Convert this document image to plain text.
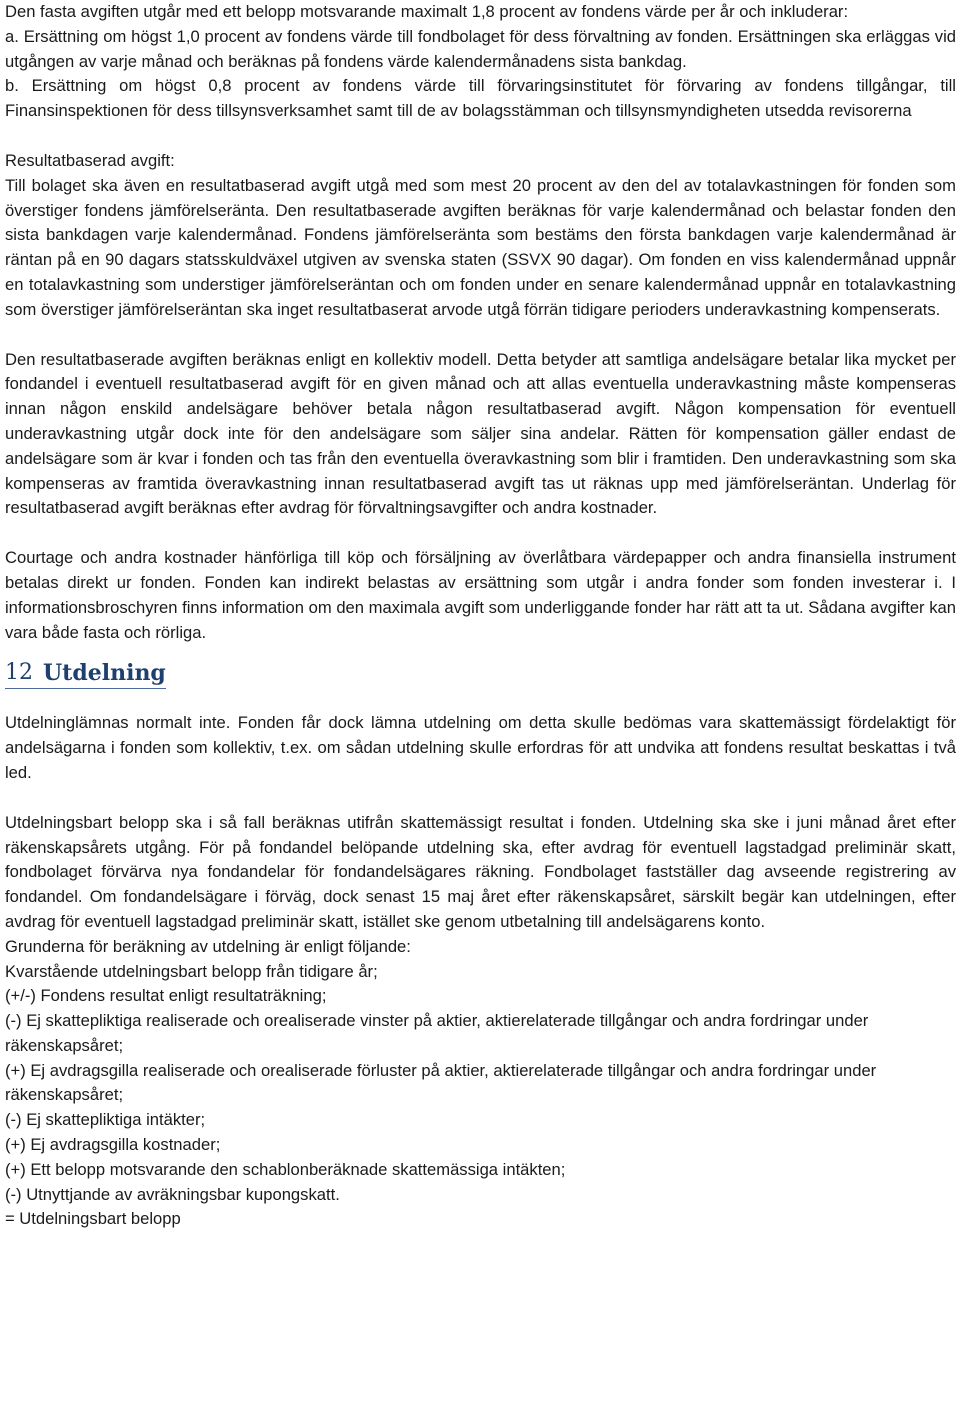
Den fasta avgiften utgår med ett belopp motsvarande maximalt 1,8 procent av fondens värde per år och inkluderar:

a. Ersättning om högst 1,0 procent av fondens värde till fondbolaget för dess förvaltning av fonden. Ersättningen ska erläggas vid utgången av varje månad och beräknas på fondens värde kalendermånadens sista bankdag.

b. Ersättning om högst 0,8 procent av fondens värde till förvaringsinstitutet för förvaring av fondens tillgångar, till Finansinspektionen för dess tillsynsverksamhet samt till de av bolagsstämman och tillsynsmyndigheten utsedda revisorerna

Resultatbaserad avgift:

Till bolaget ska även en resultatbaserad avgift utgå med som mest 20 procent av den del av totalavkastningen för fonden som överstiger fondens jämförelseränta. Den resultatbaserade avgiften beräknas för varje kalendermånad och belastar fonden den sista bankdagen varje kalendermånad. Fondens jämförelseränta som bestäms den första bankdagen varje kalendermånad är räntan på en 90 dagars statsskuldväxel utgiven av svenska staten (SSVX 90 dagar). Om fonden en viss kalendermånad uppnår en totalavkastning som understiger jämförelseräntan och om fonden under en senare kalendermånad uppnår en totalavkastning som överstiger jämförelseräntan ska inget resultatbaserat arvode utgå förrän tidigare perioders underavkastning kompenserats.

Den resultatbaserade avgiften beräknas enligt en kollektiv modell. Detta betyder att samtliga andelsägare betalar lika mycket per fondandel i eventuell resultatbaserad avgift för en given månad och att allas eventuella underavkastning måste kompenseras innan någon enskild andelsägare behöver betala någon resultatbaserad avgift. Någon kompensation för eventuell underavkastning utgår dock inte för den andelsägare som säljer sina andelar. Rätten för kompensation gäller endast de andelsägare som är kvar i fonden och tas från den eventuella överavkastning som blir i framtiden. Den underavkastning som ska kompenseras av framtida överavkastning innan resultatbaserad avgift tas ut räknas upp med jämförelseräntan. Underlag för resultatbaserad avgift beräknas efter avdrag för förvaltningsavgifter och andra kostnader.

Courtage och andra kostnader hänförliga till köp och försäljning av överlåtbara värdepapper och andra finansiella instrument betalas direkt ur fonden. Fonden kan indirekt belastas av ersättning som utgår i andra fonder som fonden investerar i. I informationsbroschyren finns information om den maximala avgift som underliggande fonder har rätt att ta ut. Sådana avgifter kan vara både fasta och rörliga.

12 Utdelning

Utdelninglämnas normalt inte. Fonden får dock lämna utdelning om detta skulle bedömas vara skattemässigt fördelaktigt för andelsägarna i fonden som kollektiv, t.ex. om sådan utdelning skulle erfordras för att undvika att fondens resultat beskattas i två led.

Utdelningsbart belopp ska i så fall beräknas utifrån skattemässigt resultat i fonden. Utdelning ska ske i juni månad året efter räkenskapsårets utgång. För på fondandel belöpande utdelning ska, efter avdrag för eventuell lagstadgad preliminär skatt, fondbolaget förvärva nya fondandelar för fondandelsägares räkning. Fondbolaget fastställer dag avseende registrering av fondandel. Om fondandelsägare i förväg, dock senast 15 maj året efter räkenskapsåret, särskilt begär kan utdelningen, efter avdrag för eventuell lagstadgad preliminär skatt, istället ske genom utbetalning till andelsägarens konto.

Grunderna för beräkning av utdelning är enligt följande:

Kvarstående utdelningsbart belopp från tidigare år;

(+/-) Fondens resultat enligt resultaträkning;

(-) Ej skattepliktiga realiserade och orealiserade vinster på aktier, aktierelaterade tillgångar och andra fordringar under räkenskapsåret;

(+) Ej avdragsgilla realiserade och orealiserade förluster på aktier, aktierelaterade tillgångar och andra fordringar under räkenskapsåret;

(-) Ej skattepliktiga intäkter;

(+) Ej avdragsgilla kostnader;

(+) Ett belopp motsvarande den schablonberäknade skattemässiga intäkten;

(-) Utnyttjande av avräkningsbar kupongskatt.

= Utdelningsbart belopp
